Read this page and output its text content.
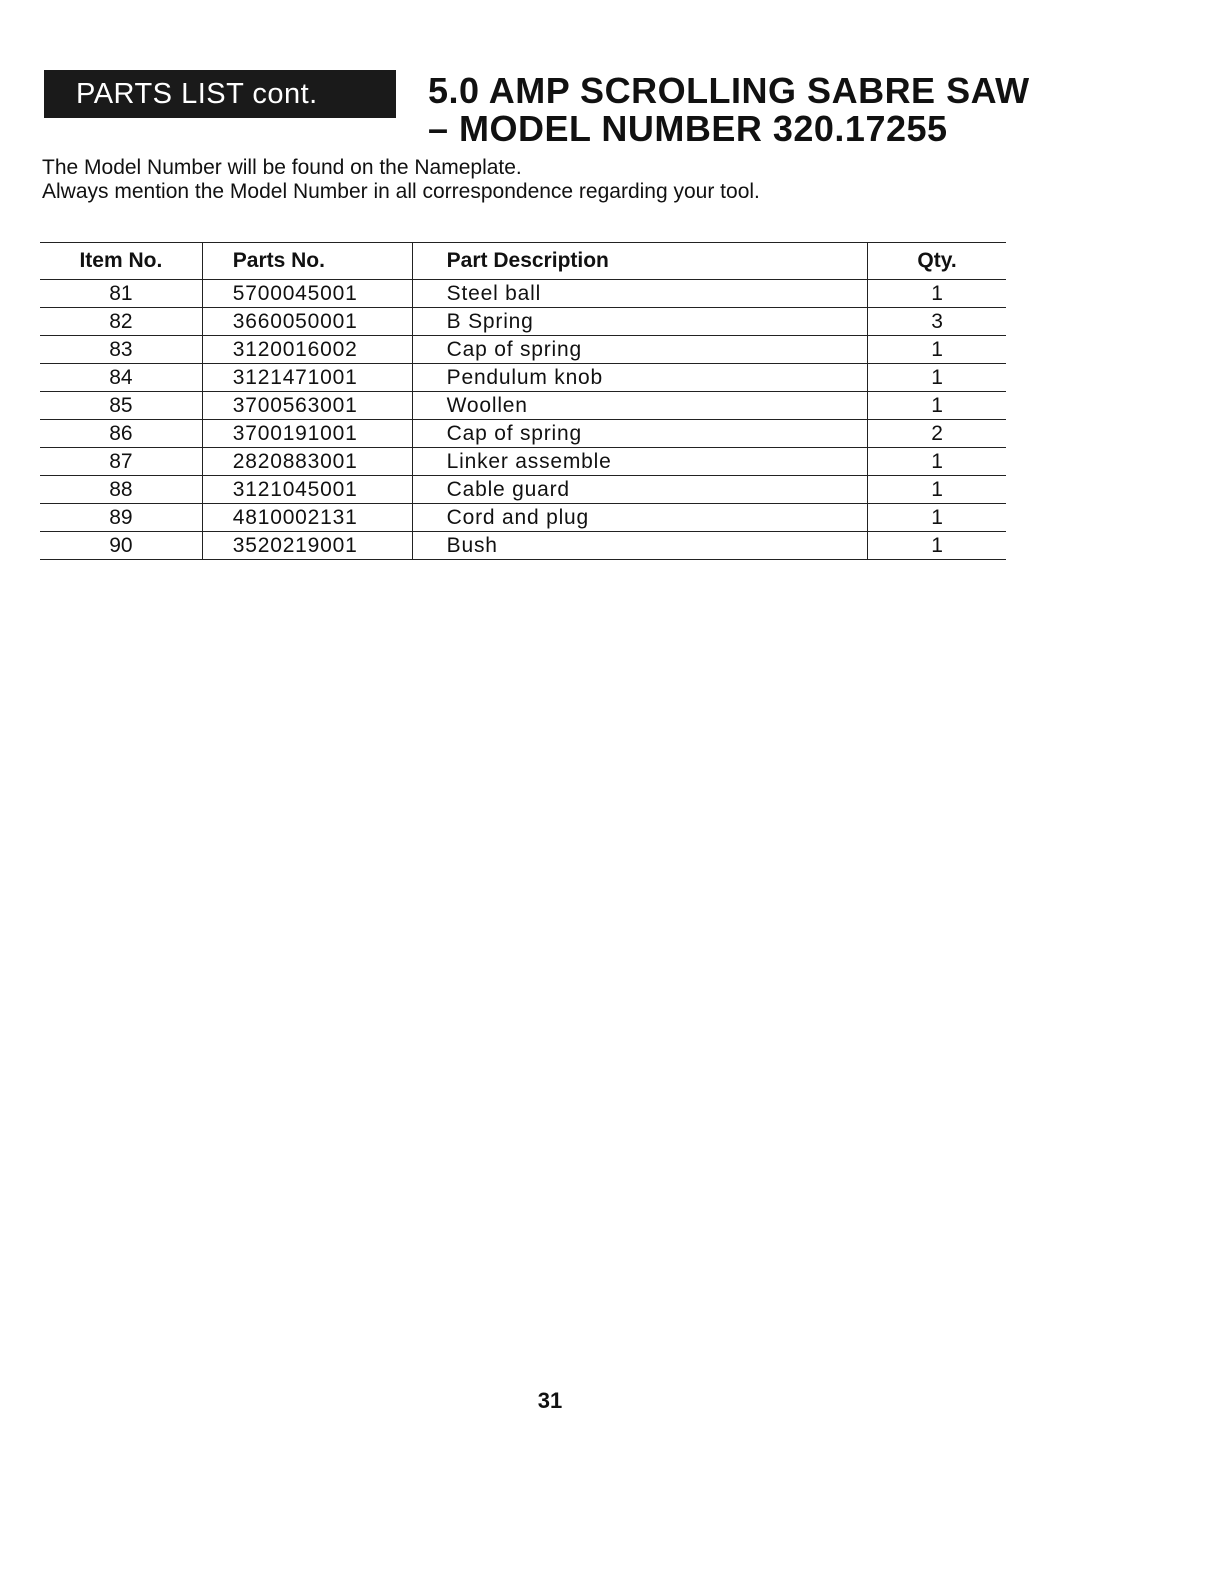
PARTS LIST cont.	5.0 AMP SCROLLING SABRE SAW
– MODEL NUMBER 320.17255
The Model Number will be found on the Nameplate.
Always mention the Model Number in all correspondence regarding your tool.
Item No.	Parts No.	Part Description	Qty.
81	5700045001	Steel ball	1
82	3660050001	B Spring	3
83	3120016002	Cap of spring	1
84	3121471001	Pendulum knob	1
85	3700563001	Woollen	1
86	3700191001	Cap of spring	2
87	2820883001	Linker assemble	1
88	3121045001	Cable guard	1
89	4810002131	Cord and plug	1
90	3520219001	Bush	1
31
